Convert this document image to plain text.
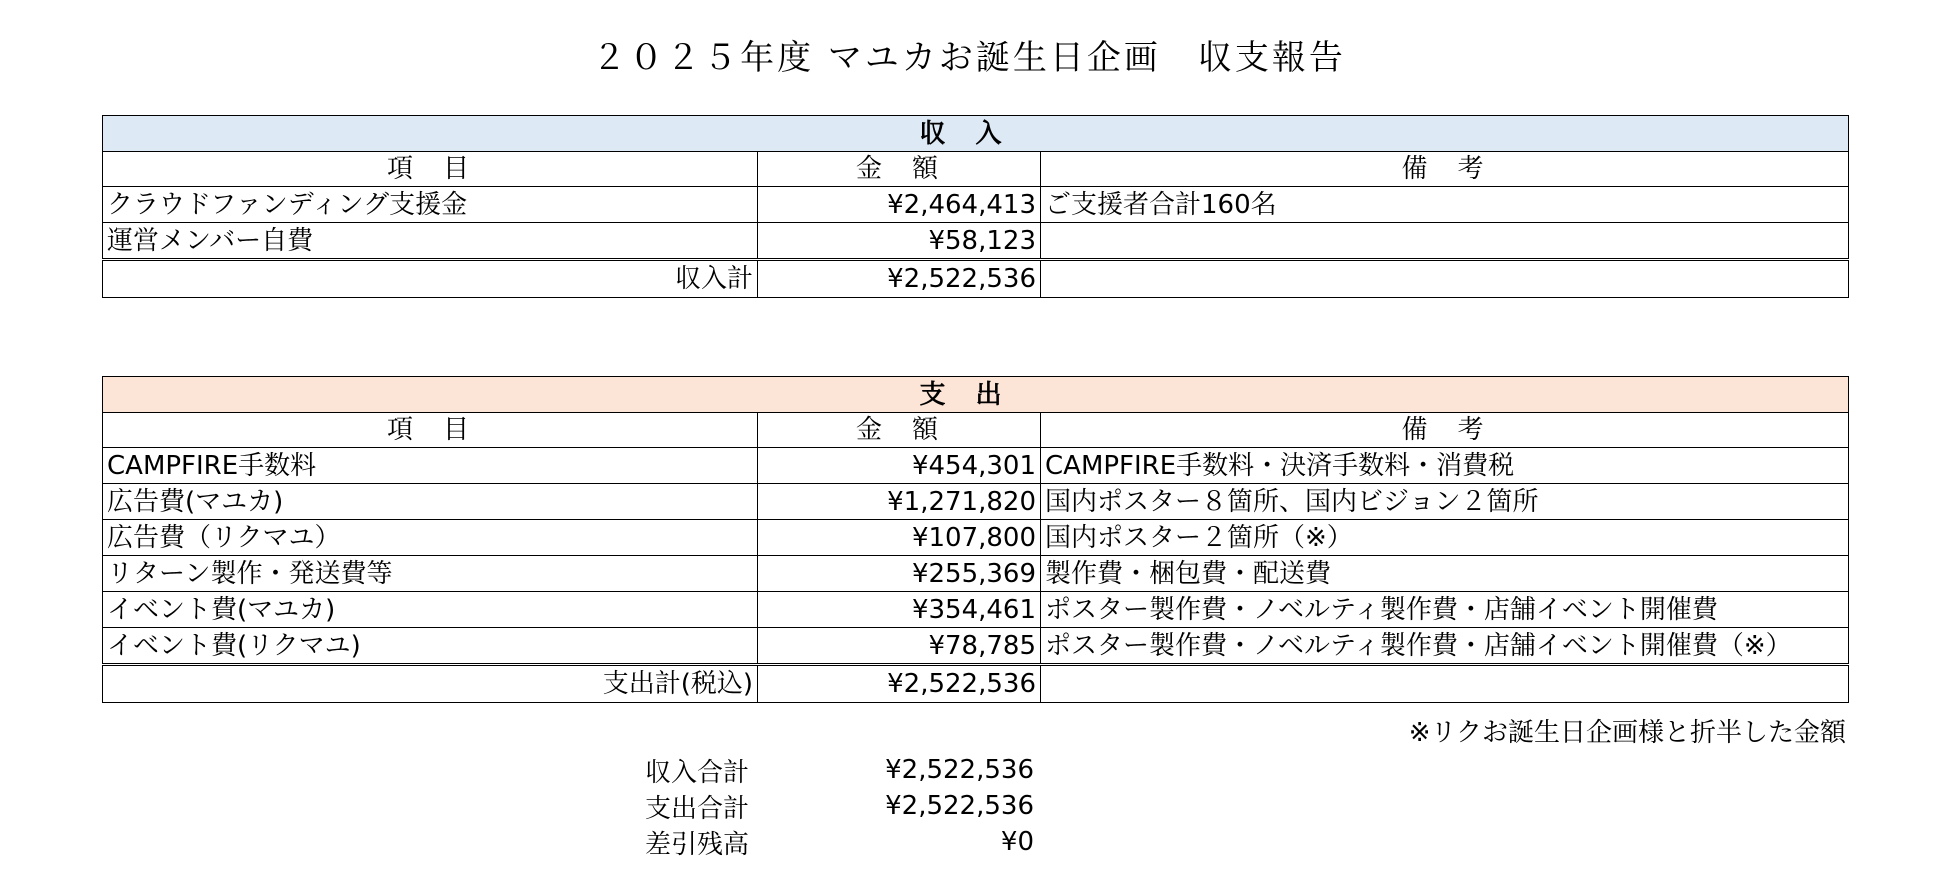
２０２５年度 マユカお誕生日企画　収支報告
収入		
項目	金額	備考
クラウドファンディング支援金	¥2,464,413	ご支援者合計160名
運営メンバー自費	¥58,123	
収入計	¥2,522,536	
支出		
項目	金額	備考
CAMPFIRE手数料	¥454,301	CAMPFIRE手数料・決済手数料・消費税
広告費(マユカ)	¥1,271,820	国内ポスター８箇所、国内ビジョン２箇所
広告費（リクマユ）	¥107,800	国内ポスター２箇所（※）
リターン製作・発送費等	¥255,369	製作費・梱包費・配送費
イベント費(マユカ)	¥354,461	ポスター製作費・ノベルティ製作費・店舗イベント開催費
イベント費(リクマユ)	¥78,785	ポスター製作費・ノベルティ製作費・店舗イベント開催費（※）
支出計(税込)	¥2,522,536	
※リクお誕生日企画様と折半した金額
収入合計	¥2,522,536
支出合計	¥2,522,536
差引残高	¥0
